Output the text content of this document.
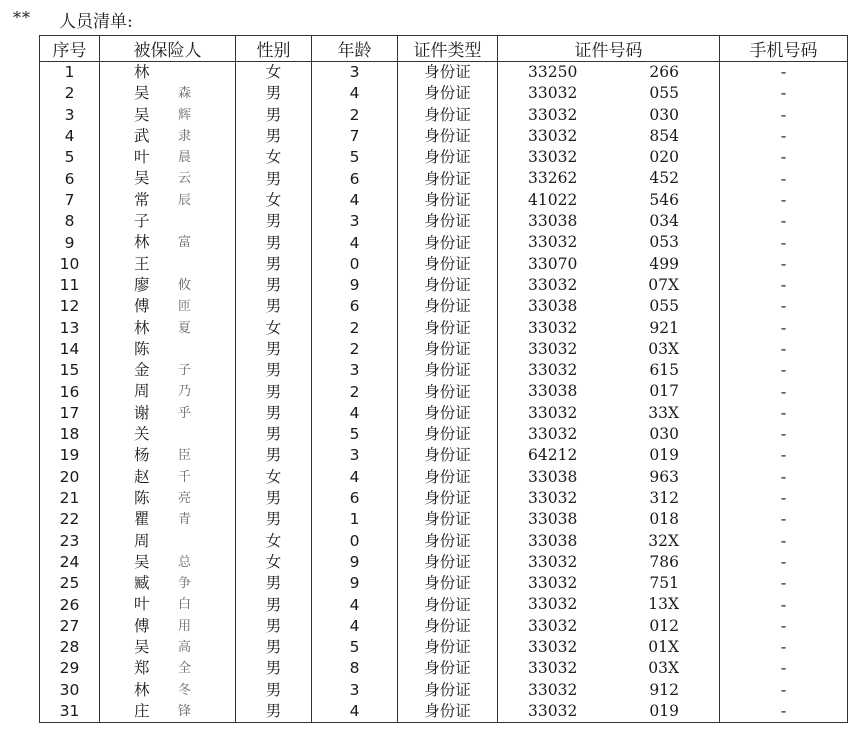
** 人员清单:
序号	被保险人	性别	年龄	证件类型	证件号码	手机号码
1	林	女	3	身份证	33250 266	-
2	吴 森	男	4	身份证	33032 055	-
3	吴 辉	男	2	身份证	33032 030	-
4	武 隶	男	7	身份证	33032 854	-
5	叶 晨	女	5	身份证	33032 020	-
6	吴 云	男	6	身份证	33262 452	-
7	常 辰	女	4	身份证	41022 546	-
8	子	男	3	身份证	33038 034	-
9	林 富	男	4	身份证	33032 053	-
10	王	男	0	身份证	33070 499	-
11	廖 攸	男	9	身份证	33032 07X	-
12	傅 匝	男	6	身份证	33038 055	-
13	林 夏	女	2	身份证	33032 921	-
14	陈	男	2	身份证	33032 03X	-
15	金 子	男	3	身份证	33032 615	-
16	周 乃	男	2	身份证	33038 017	-
17	谢 乎	男	4	身份证	33032 33X	-
18	关	男	5	身份证	33032 030	-
19	杨 臣	男	3	身份证	64212 019	-
20	赵 千	女	4	身份证	33038 963	-
21	陈 亮	男	6	身份证	33032 312	-
22	瞿 青	男	1	身份证	33038 018	-
23	周	女	0	身份证	33038 32X	-
24	吴 总	女	9	身份证	33032 786	-
25	臧 争	男	9	身份证	33032 751	-
26	叶 白	男	4	身份证	33032 13X	-
27	傅 用	男	4	身份证	33032 012	-
28	吴 高	男	5	身份证	33032 01X	-
29	郑 全	男	8	身份证	33032 03X	-
30	林 冬	男	3	身份证	33032 912	-
31	庄 锋	男	4	身份证	33032 019	-
